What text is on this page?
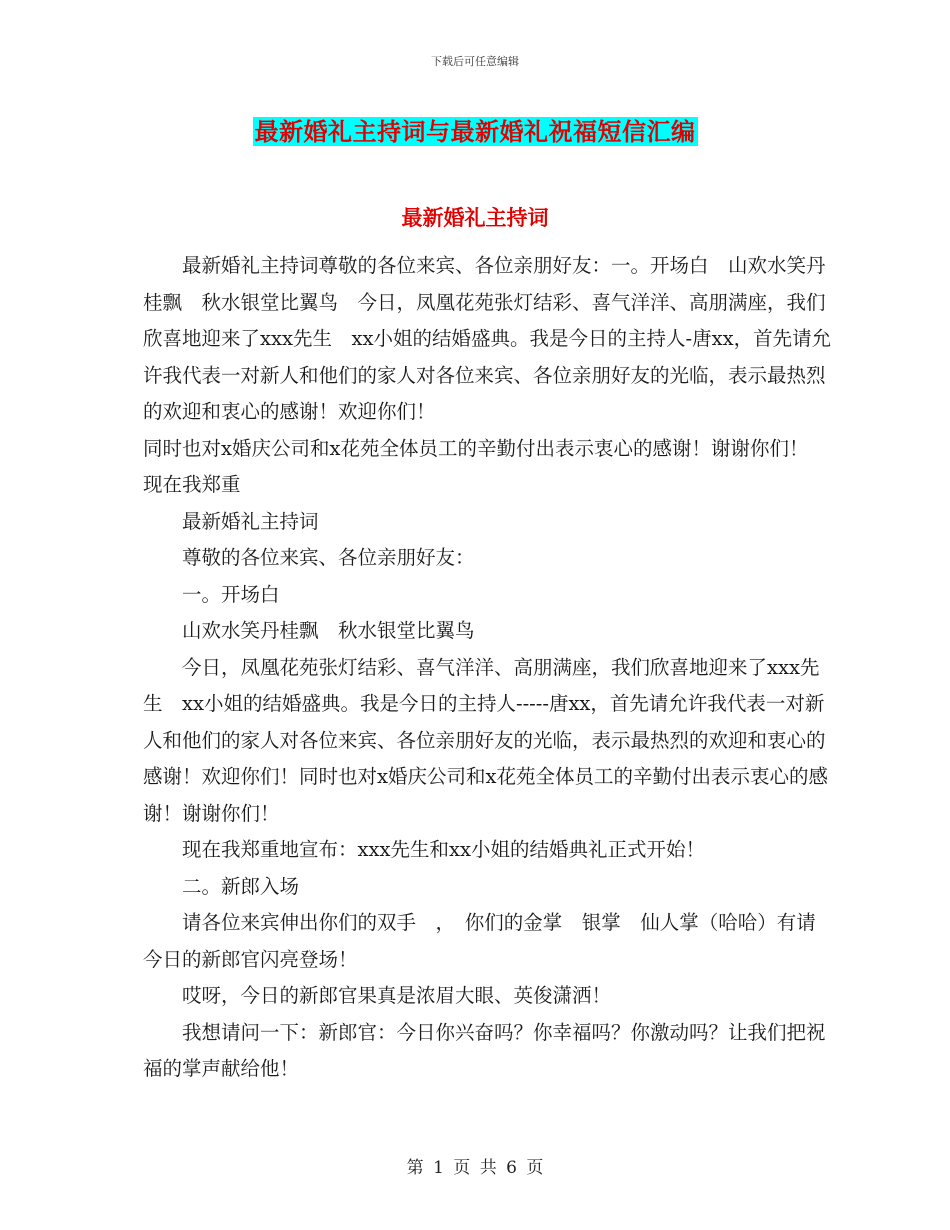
下载后可任意编辑
最新婚礼主持词与最新婚礼祝福短信汇编
最新婚礼主持词

最新婚礼主持词尊敬的各位来宾、各位亲朋好友：一。开场白　山欢水笑丹桂飘　秋水银堂比翼鸟　今日，凤凰花苑张灯结彩、喜气洋洋、高朋满座，我们欣喜地迎来了xxx先生　xx小姐的结婚盛典。我是今日的主持人-唐xx，首先请允许我代表一对新人和他们的家人对各位来宾、各位亲朋好友的光临，表示最热烈的欢迎和衷心的感谢！欢迎你们！

同时也对x婚庆公司和x花苑全体员工的辛勤付出表示衷心的感谢！谢谢你们！　现在我郑重

最新婚礼主持词

尊敬的各位来宾、各位亲朋好友：

一。开场白

山欢水笑丹桂飘　秋水银堂比翼鸟

今日，凤凰花苑张灯结彩、喜气洋洋、高朋满座，我们欣喜地迎来了xxx先生　xx小姐的结婚盛典。我是今日的主持人-----唐xx，首先请允许我代表一对新人和他们的家人对各位来宾、各位亲朋好友的光临，表示最热烈的欢迎和衷心的感谢！欢迎你们！同时也对x婚庆公司和x花苑全体员工的辛勤付出表示衷心的感谢！谢谢你们！

现在我郑重地宣布：xxx先生和xx小姐的结婚典礼正式开始！

二。新郎入场

请各位来宾伸出你们的双手　，　你们的金掌　银掌　仙人掌（哈哈）有请今日的新郎官闪亮登场！

哎呀，今日的新郎官果真是浓眉大眼、英俊潇洒！

我想请问一下：新郎官：今日你兴奋吗？你幸福吗？你激动吗？让我们把祝福的掌声献给他！

第 1 页 共 6 页
